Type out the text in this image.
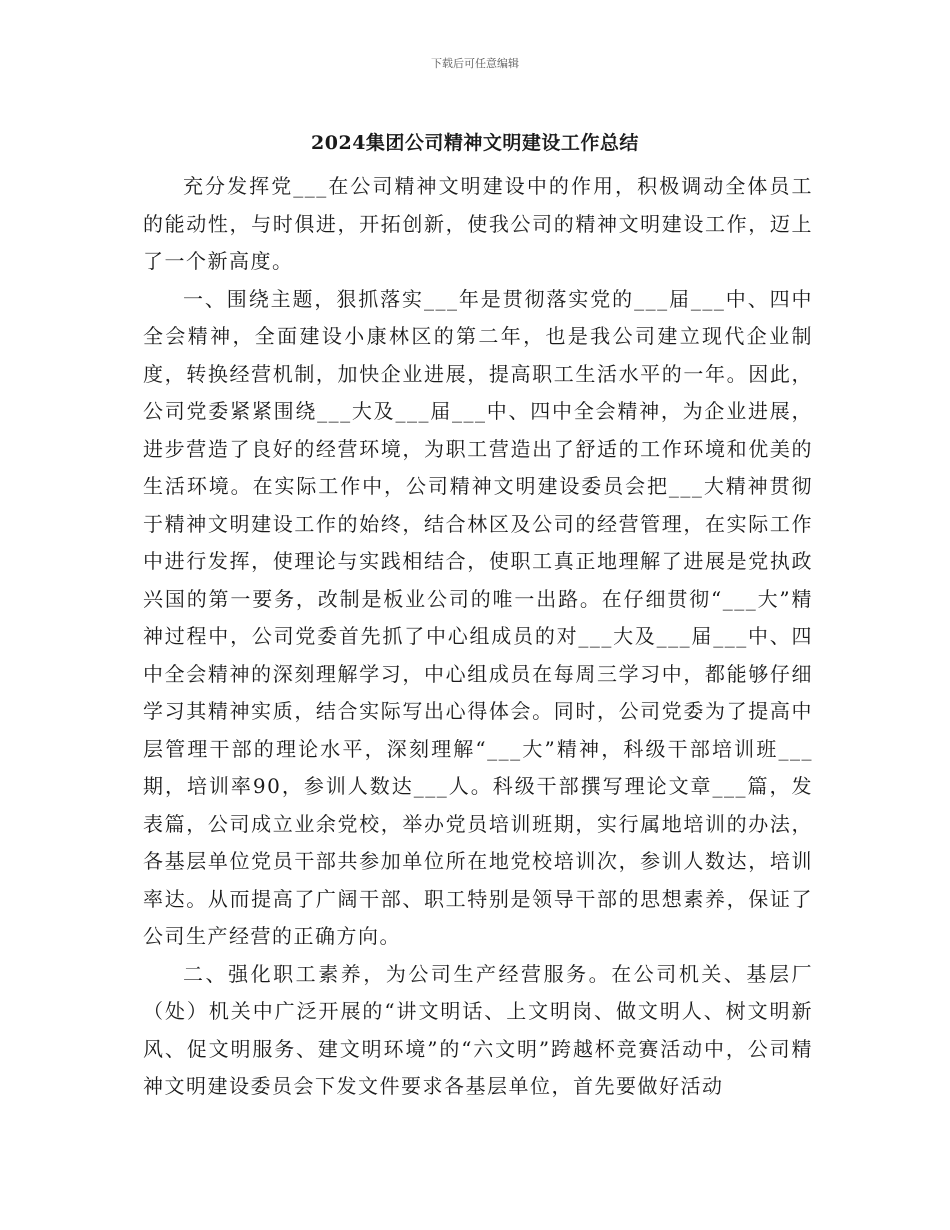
下载后可任意编辑
2024集团公司精神文明建设工作总结

充分发挥党___在公司精神文明建设中的作用，积极调动全体员工的能动性，与时俱进，开拓创新，使我公司的精神文明建设工作，迈上了一个新高度。

一、围绕主题，狠抓落实___年是贯彻落实党的___届___中、四中全会精神，全面建设小康林区的第二年，也是我公司建立现代企业制度，转换经营机制，加快企业进展，提高职工生活水平的一年。因此，公司党委紧紧围绕___大及___届___中、四中全会精神，为企业进展，进步营造了良好的经营环境，为职工营造出了舒适的工作环境和优美的生活环境。在实际工作中，公司精神文明建设委员会把___大精神贯彻于精神文明建设工作的始终，结合林区及公司的经营管理，在实际工作中进行发挥，使理论与实践相结合，使职工真正地理解了进展是党执政兴国的第一要务，改制是板业公司的唯一出路。在仔细贯彻“___大”精神过程中，公司党委首先抓了中心组成员的对___大及___届___中、四中全会精神的深刻理解学习，中心组成员在每周三学习中，都能够仔细学习其精神实质，结合实际写出心得体会。同时，公司党委为了提高中层管理干部的理论水平，深刻理解“___大”精神，科级干部培训班___期，培训率90，参训人数达___人。科级干部撰写理论文章___篇，发表篇，公司成立业余党校，举办党员培训班期，实行属地培训的办法，各基层单位党员干部共参加单位所在地党校培训次，参训人数达，培训率达。从而提高了广阔干部、职工特别是领导干部的思想素养，保证了公司生产经营的正确方向。

二、强化职工素养，为公司生产经营服务。在公司机关、基层厂（处）机关中广泛开展的“讲文明话、上文明岗、做文明人、树文明新风、促文明服务、建文明环境”的“六文明”跨越杯竞赛活动中，公司精神文明建设委员会下发文件要求各基层单位，首先要做好活动
